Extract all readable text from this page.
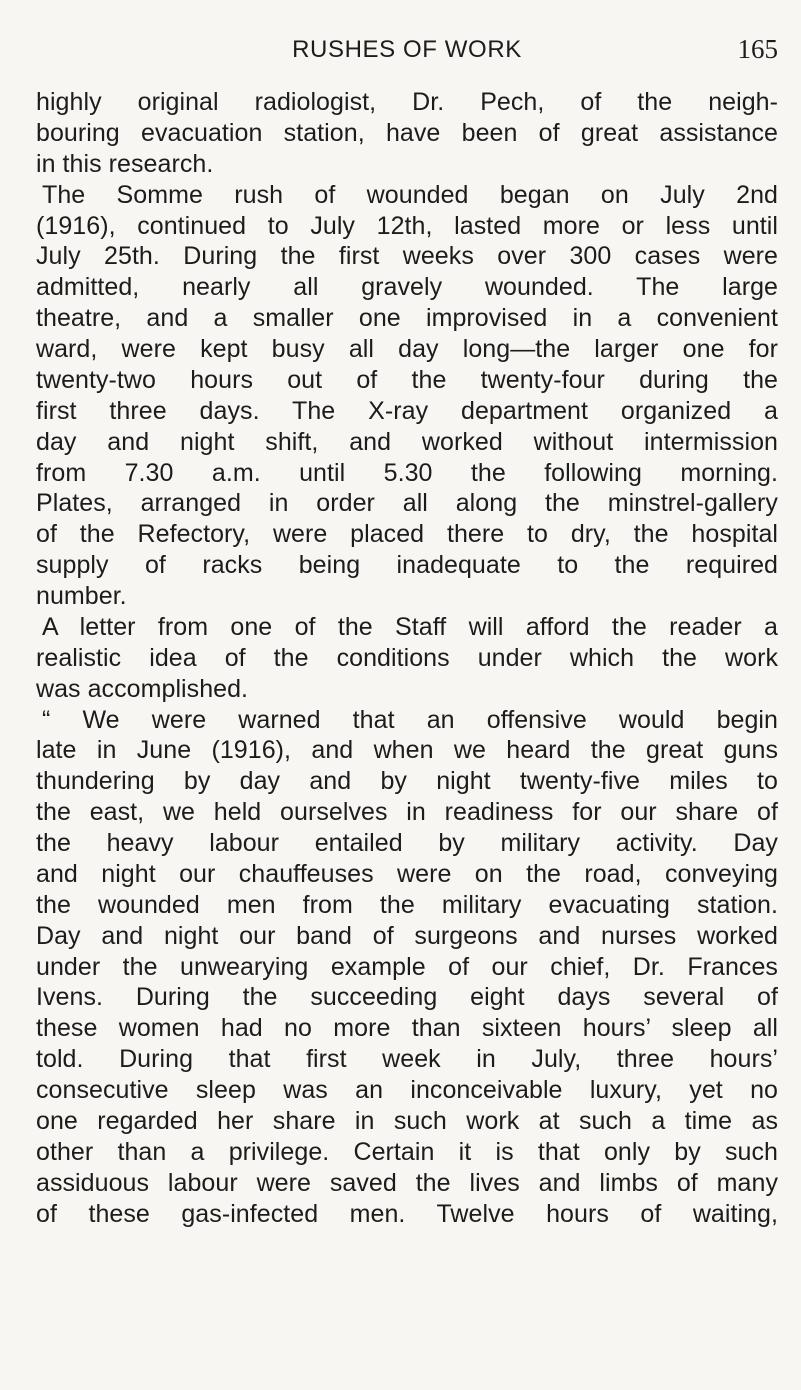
RUSHES OF WORK	165
highly original radiologist, Dr. Pech, of the neigh-
bouring evacuation station, have been of great assistance
in this research.
The Somme rush of wounded began on July 2nd
(1916), continued to July 12th, lasted more or less until
July 25th. During the first weeks over 300 cases were
admitted, nearly all gravely wounded. The large
theatre, and a smaller one improvised in a convenient
ward, were kept busy all day long—the larger one for
twenty-two hours out of the twenty-four during the
first three days. The X-ray department organized a
day and night shift, and worked without intermission
from 7.30 a.m. until 5.30 the following morning.
Plates, arranged in order all along the minstrel-gallery
of the Refectory, were placed there to dry, the hospital
supply of racks being inadequate to the required
number.
A letter from one of the Staff will afford the reader a
realistic idea of the conditions under which the work
was accomplished.
“ We were warned that an offensive would begin
late in June (1916), and when we heard the great guns
thundering by day and by night twenty-five miles to
the east, we held ourselves in readiness for our share of
the heavy labour entailed by military activity. Day
and night our chauffeuses were on the road, conveying
the wounded men from the military evacuating station.
Day and night our band of surgeons and nurses worked
under the unwearying example of our chief, Dr. Frances
Ivens. During the succeeding eight days several of
these women had no more than sixteen hours’ sleep all
told. During that first week in July, three hours’
consecutive sleep was an inconceivable luxury, yet no
one regarded her share in such work at such a time as
other than a privilege. Certain it is that only by such
assiduous labour were saved the lives and limbs of many
of these gas-infected men. Twelve hours of waiting,
